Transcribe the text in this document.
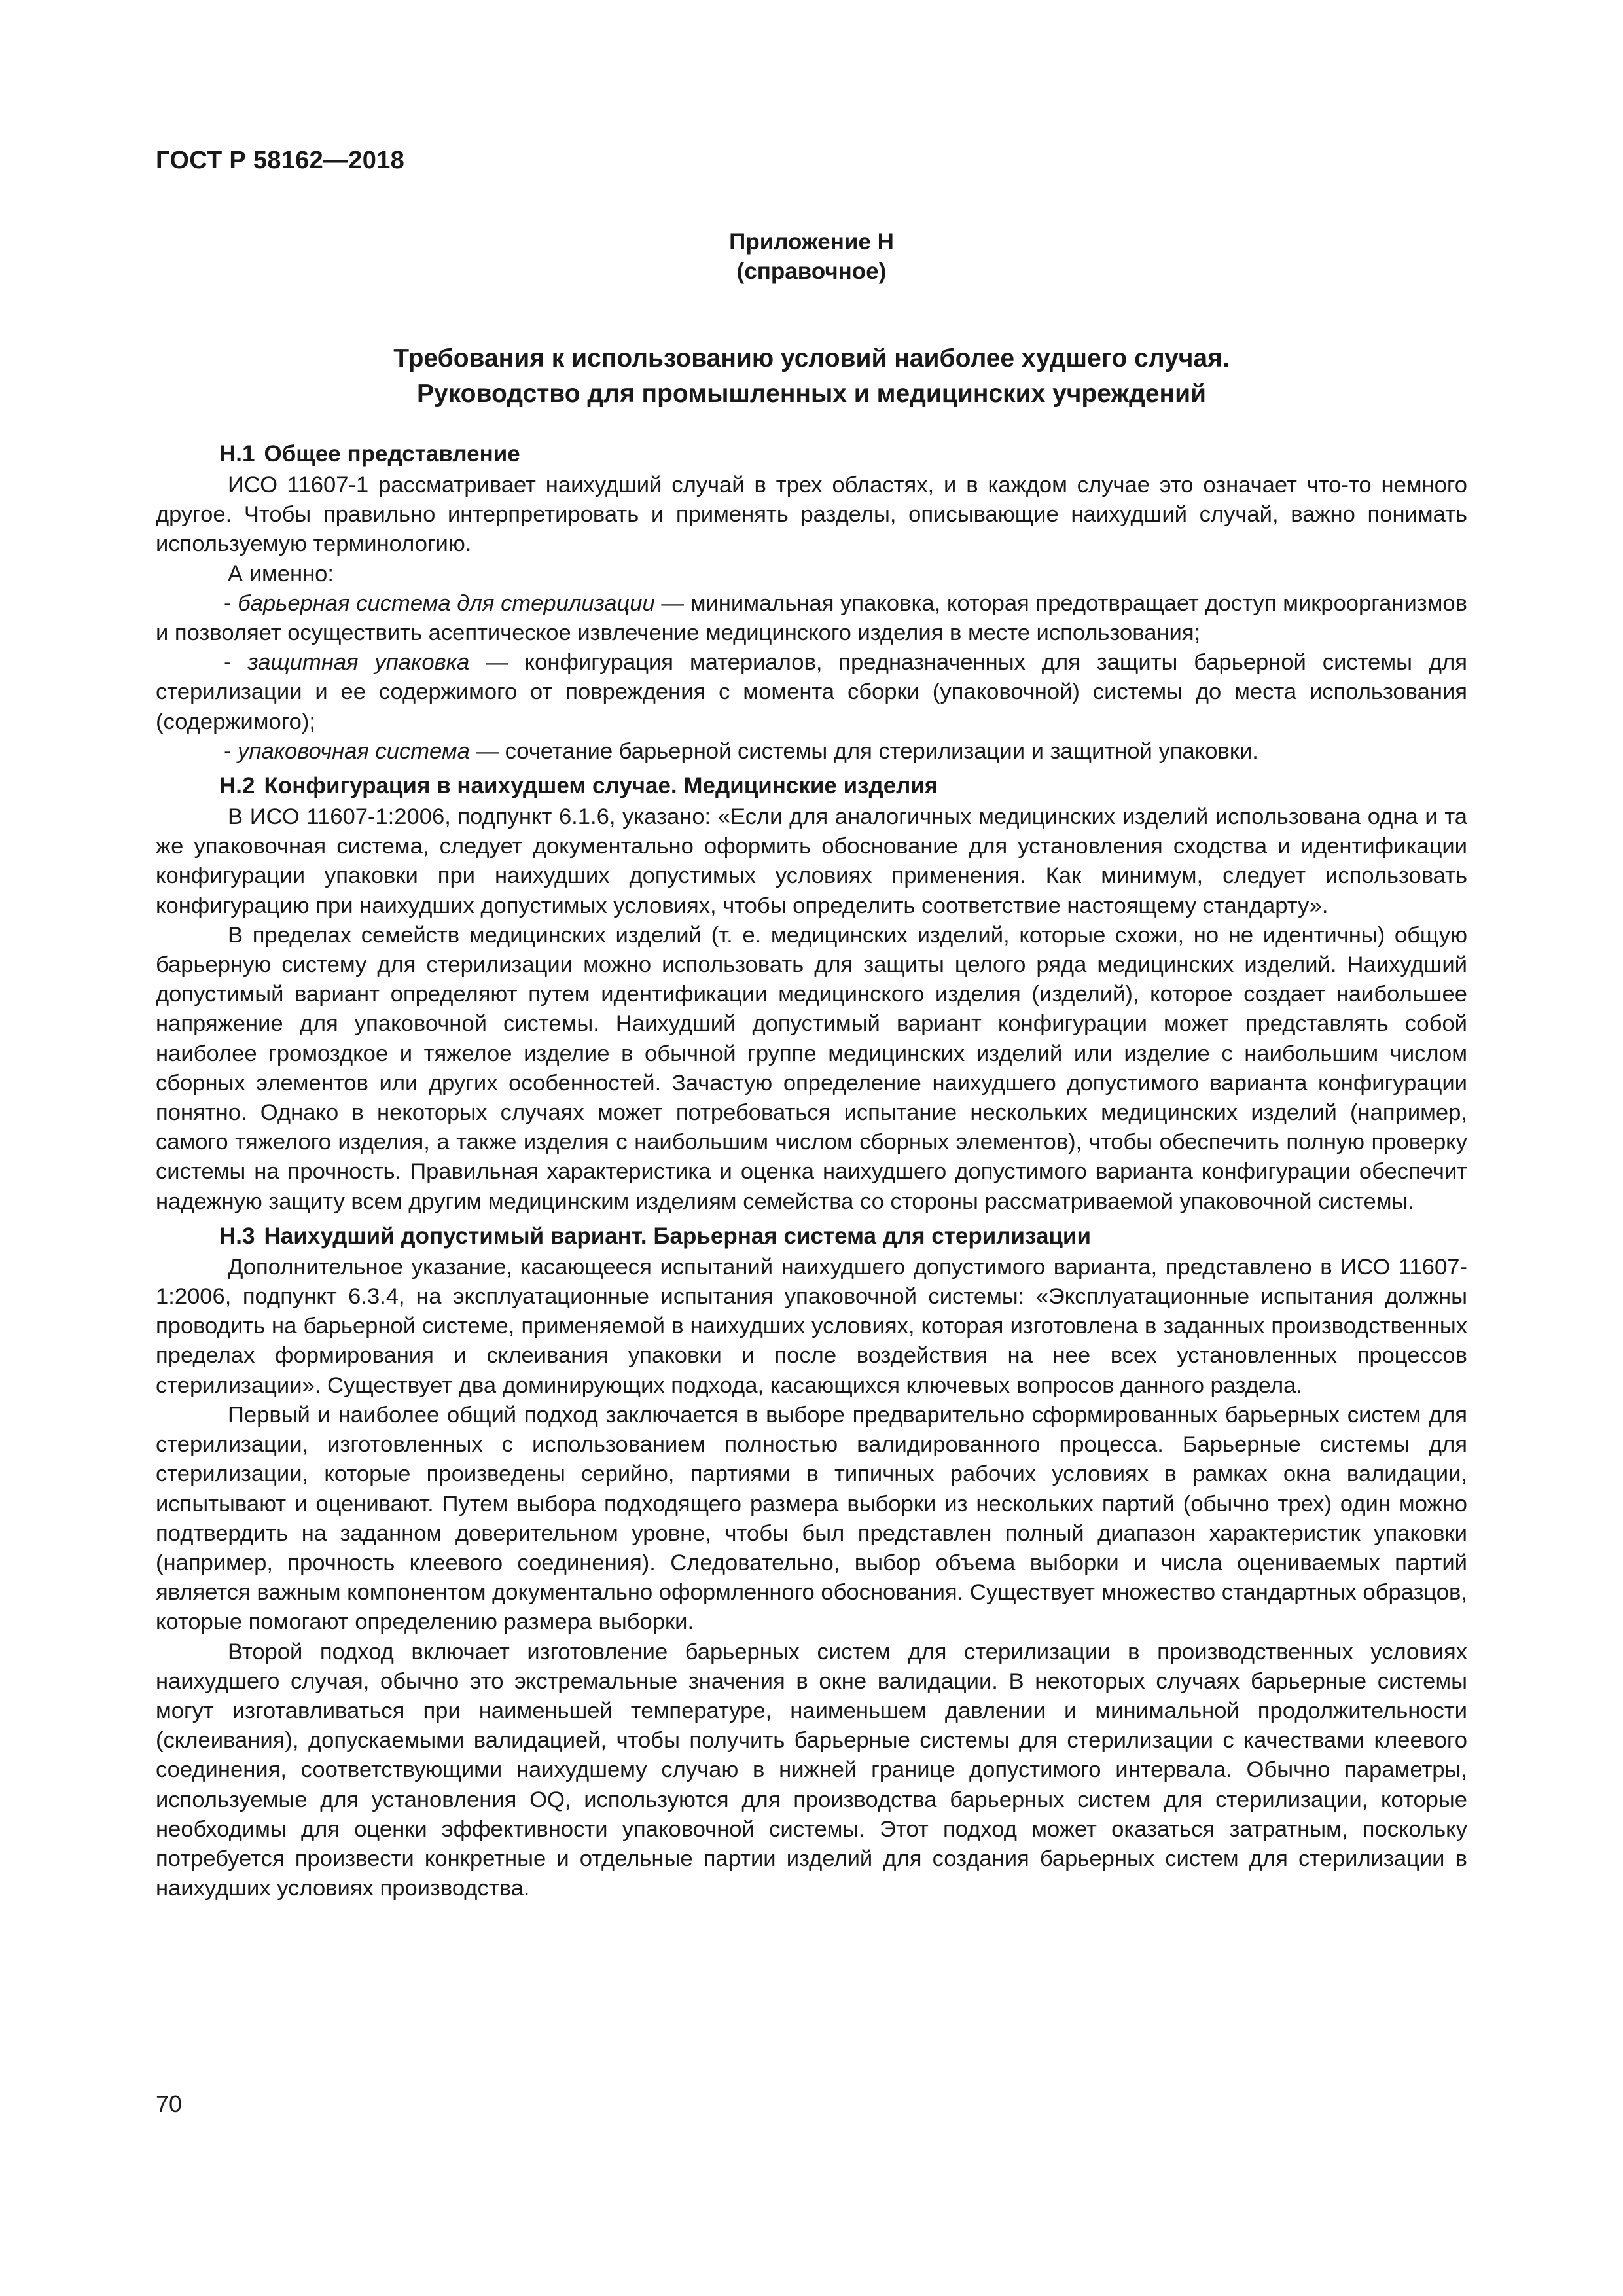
ГОСТ Р 58162—2018
Приложение Н
(справочное)
Требования к использованию условий наиболее худшего случая.
Руководство для промышленных и медицинских учреждений
Н.1 Общее представление

ИСО 11607-1 рассматривает наихудший случай в трех областях, и в каждом случае это означает что-то немного другое. Чтобы правильно интерпретировать и применять разделы, описывающие наихудший случай, важно понимать используемую терминологию.

А именно:

- барьерная система для стерилизации — минимальная упаковка, которая предотвращает доступ микроорганизмов и позволяет осуществить асептическое извлечение медицинского изделия в месте использования;

- защитная упаковка — конфигурация материалов, предназначенных для защиты барьерной системы для стерилизации и ее содержимого от повреждения с момента сборки (упаковочной) системы до места использования (содержимого);

- упаковочная система — сочетание барьерной системы для стерилизации и защитной упаковки.

Н.2 Конфигурация в наихудшем случае. Медицинские изделия

В ИСО 11607-1:2006, подпункт 6.1.6, указано: «Если для аналогичных медицинских изделий использована одна и та же упаковочная система, следует документально оформить обоснование для установления сходства и идентификации конфигурации упаковки при наихудших допустимых условиях применения. Как минимум, следует использовать конфигурацию при наихудших допустимых условиях, чтобы определить соответствие настоящему стандарту».

В пределах семейств медицинских изделий (т. е. медицинских изделий, которые схожи, но не идентичны) общую барьерную систему для стерилизации можно использовать для защиты целого ряда медицинских изделий. Наихудший допустимый вариант определяют путем идентификации медицинского изделия (изделий), которое создает наибольшее напряжение для упаковочной системы. Наихудший допустимый вариант конфигурации может представлять собой наиболее громоздкое и тяжелое изделие в обычной группе медицинских изделий или изделие с наибольшим числом сборных элементов или других особенностей. Зачастую определение наихудшего допустимого варианта конфигурации понятно. Однако в некоторых случаях может потребоваться испытание нескольких медицинских изделий (например, самого тяжелого изделия, а также изделия с наибольшим числом сборных элементов), чтобы обеспечить полную проверку системы на прочность. Правильная характеристика и оценка наихудшего допустимого варианта конфигурации обеспечит надежную защиту всем другим медицинским изделиям семейства со стороны рассматриваемой упаковочной системы.

Н.3 Наихудший допустимый вариант. Барьерная система для стерилизации

Дополнительное указание, касающееся испытаний наихудшего допустимого варианта, представлено в ИСО 11607-1:2006, подпункт 6.3.4, на эксплуатационные испытания упаковочной системы: «Эксплуатационные испытания должны проводить на барьерной системе, применяемой в наихудших условиях, которая изготовлена в заданных производственных пределах формирования и склеивания упаковки и после воздействия на нее всех установленных процессов стерилизации». Существует два доминирующих подхода, касающихся ключевых вопросов данного раздела.

Первый и наиболее общий подход заключается в выборе предварительно сформированных барьерных систем для стерилизации, изготовленных с использованием полностью валидированного процесса. Барьерные системы для стерилизации, которые произведены серийно, партиями в типичных рабочих условиях в рамках окна валидации, испытывают и оценивают. Путем выбора подходящего размера выборки из нескольких партий (обычно трех) один можно подтвердить на заданном доверительном уровне, чтобы был представлен полный диапазон характеристик упаковки (например, прочность клеевого соединения). Следовательно, выбор объема выборки и числа оцениваемых партий является важным компонентом документально оформленного обоснования. Существует множество стандартных образцов, которые помогают определению размера выборки.

Второй подход включает изготовление барьерных систем для стерилизации в производственных условиях наихудшего случая, обычно это экстремальные значения в окне валидации. В некоторых случаях барьерные системы могут изготавливаться при наименьшей температуре, наименьшем давлении и минимальной продолжительности (склеивания), допускаемыми валидацией, чтобы получить барьерные системы для стерилизации с качествами клеевого соединения, соответствующими наихудшему случаю в нижней границе допустимого интервала. Обычно параметры, используемые для установления OQ, используются для производства барьерных систем для стерилизации, которые необходимы для оценки эффективности упаковочной системы. Этот подход может оказаться затратным, поскольку потребуется произвести конкретные и отдельные партии изделий для создания барьерных систем для стерилизации в наихудших условиях производства.

70
